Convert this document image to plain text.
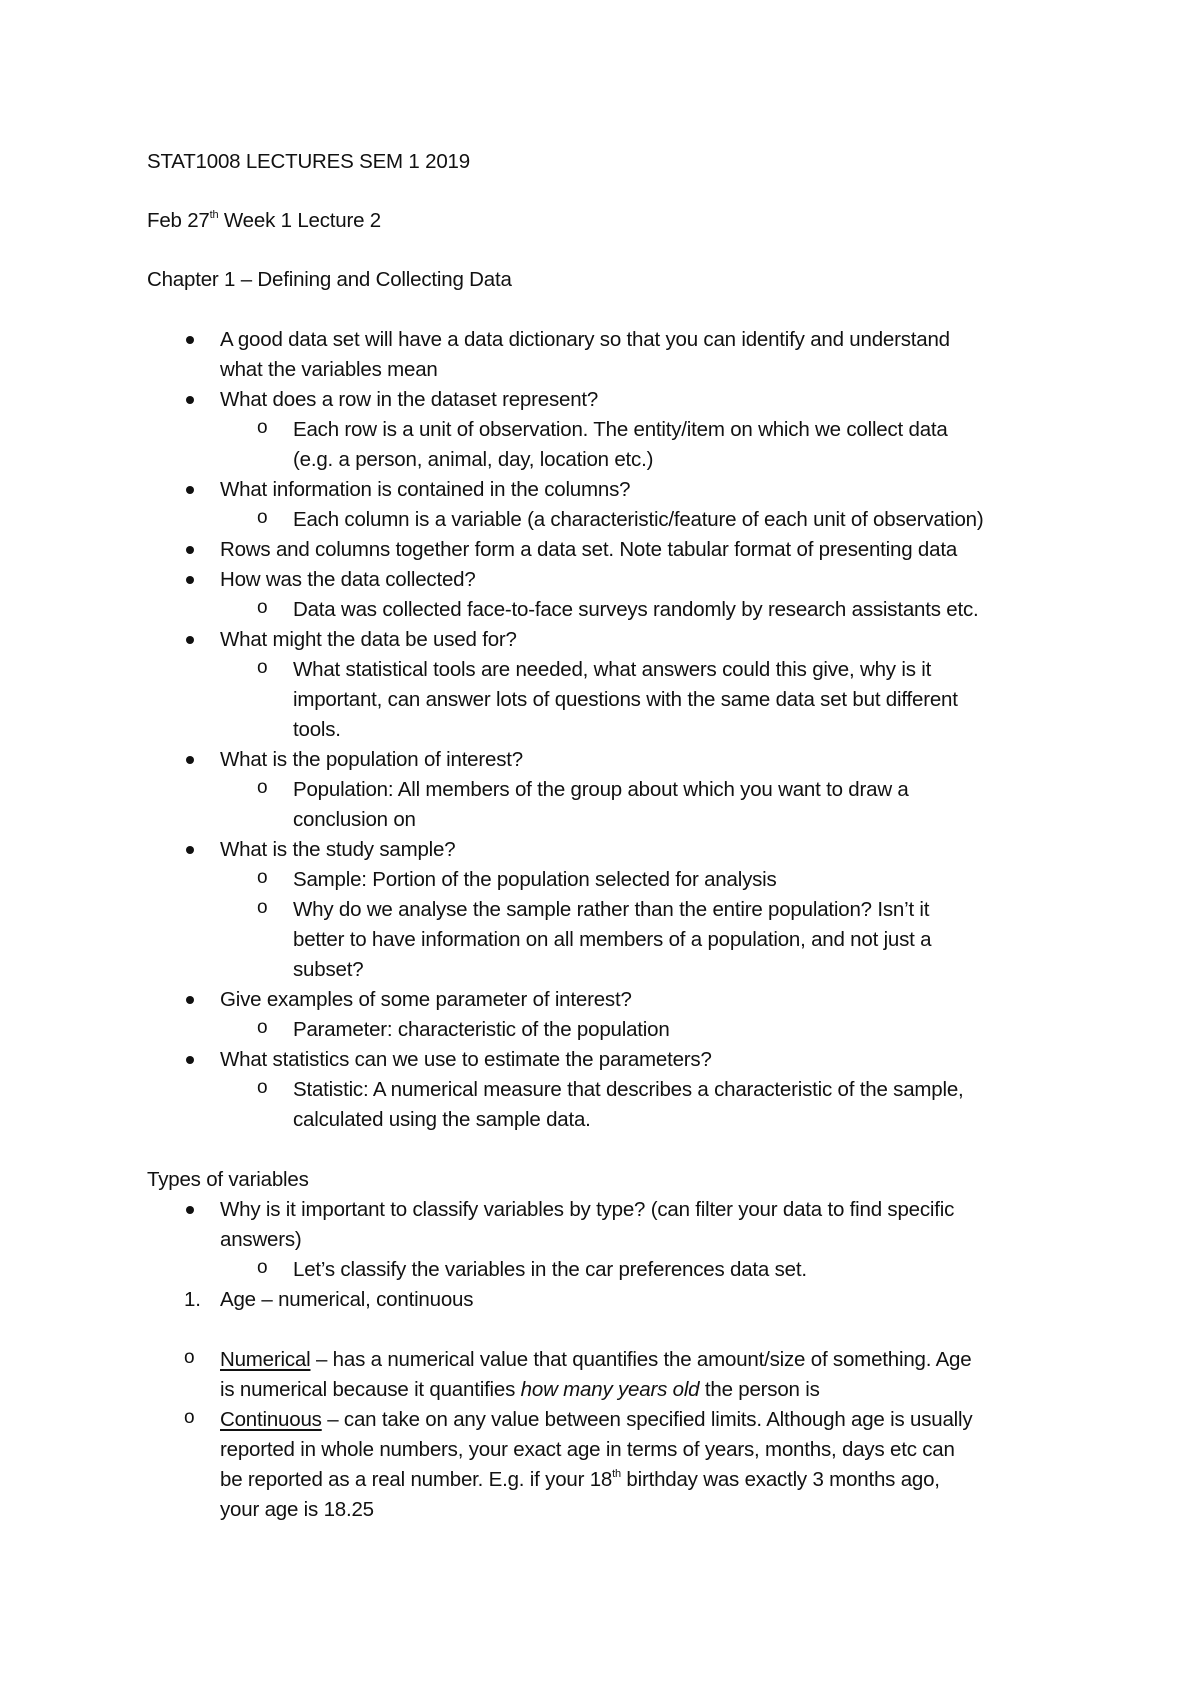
STAT1008 LECTURES SEM 1 2019
Feb 27th Week 1 Lecture 2
Chapter 1 – Defining and Collecting Data
A good data set will have a data dictionary so that you can identify and understand
what the variables mean
What does a row in the dataset represent?
o Each row is a unit of observation. The entity/item on which we collect data
(e.g. a person, animal, day, location etc.)
What information is contained in the columns?
o Each column is a variable (a characteristic/feature of each unit of observation)
Rows and columns together form a data set. Note tabular format of presenting data
How was the data collected?
o Data was collected face-to-face surveys randomly by research assistants etc.
What might the data be used for?
o What statistical tools are needed, what answers could this give, why is it
important, can answer lots of questions with the same data set but different
tools.
What is the population of interest?
o Population: All members of the group about which you want to draw a
conclusion on
What is the study sample?
o Sample: Portion of the population selected for analysis
o Why do we analyse the sample rather than the entire population? Isn’t it
better to have information on all members of a population, and not just a
subset?
Give examples of some parameter of interest?
o Parameter: characteristic of the population
What statistics can we use to estimate the parameters?
o Statistic: A numerical measure that describes a characteristic of the sample,
calculated using the sample data.
Types of variables
Why is it important to classify variables by type? (can filter your data to find specific
answers)
o Let’s classify the variables in the car preferences data set.
1. Age – numerical, continuous
o Numerical – has a numerical value that quantifies the amount/size of something. Age
is numerical because it quantifies how many years old the person is
o Continuous – can take on any value between specified limits. Although age is usually
reported in whole numbers, your exact age in terms of years, months, days etc can
be reported as a real number. E.g. if your 18th birthday was exactly 3 months ago,
your age is 18.25
